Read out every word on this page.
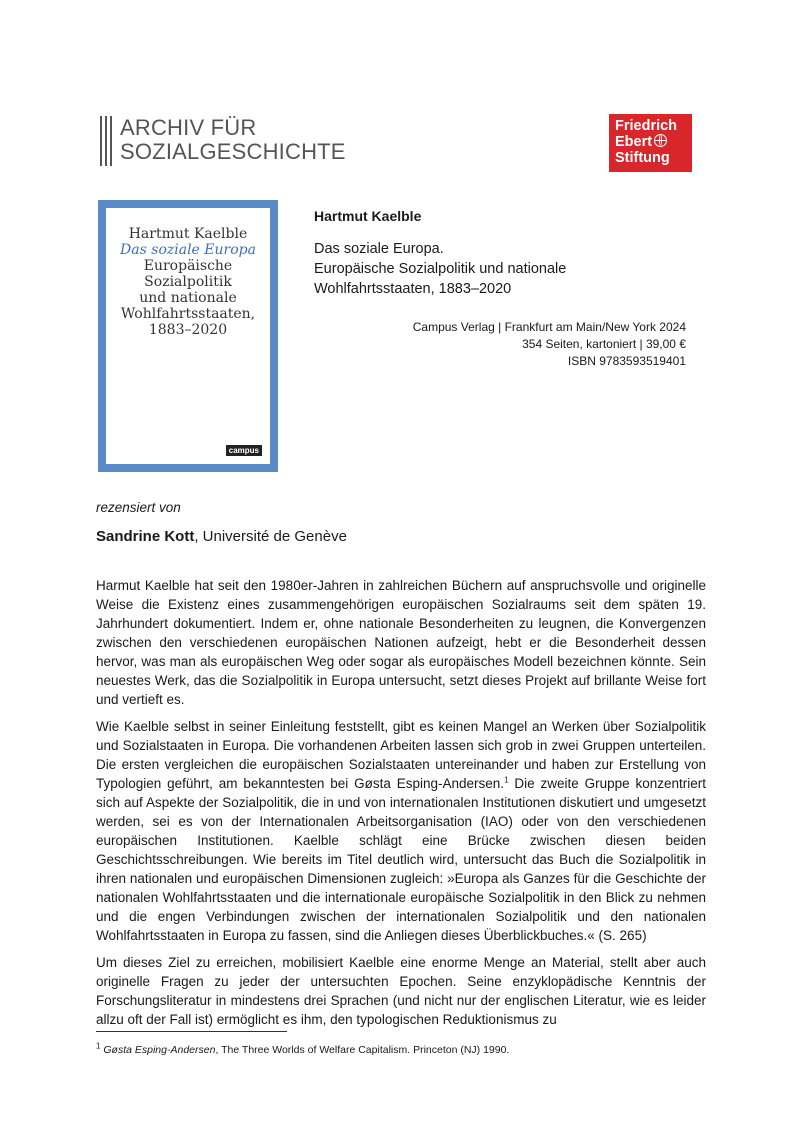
ARCHIV FÜR
SOZIALGESCHICHTE
Friedrich
Ebert
Stiftung
Hartmut Kaelble
Das soziale Europa
Europäische
Sozialpolitik
und nationale
Wohlfahrtsstaaten,
1883–2020
campus

Hartmut Kaelble

Das soziale Europa.

Europäische Sozialpolitik und nationale

Wohlfahrtsstaaten, 1883–2020

Campus Verlag | Frankfurt am Main/New York 2024
354 Seiten, kartoniert | 39,00 €
ISBN 9783593519401
rezensiert von
Sandrine Kott, Université de Genève

Harmut Kaelble hat seit den 1980er-Jahren in zahlreichen Büchern auf anspruchsvolle und originelle Weise die Existenz eines zusammengehörigen europäischen Sozialraums seit dem späten 19. Jahrhundert dokumentiert. Indem er, ohne nationale Besonderheiten zu leugnen, die Konvergenzen zwischen den verschiedenen europäischen Nationen aufzeigt, hebt er die Besonderheit dessen hervor, was man als europäischen Weg oder sogar als europäisches Modell bezeichnen könnte. Sein neuestes Werk, das die Sozialpolitik in Europa untersucht, setzt dieses Projekt auf brillante Weise fort und vertieft es.

Wie Kaelble selbst in seiner Einleitung feststellt, gibt es keinen Mangel an Werken über Sozialpolitik und Sozialstaaten in Europa. Die vorhandenen Arbeiten lassen sich grob in zwei Gruppen unterteilen. Die ersten vergleichen die europäischen Sozialstaaten untereinander und haben zur Erstellung von Typologien geführt, am bekanntesten bei Gøsta Esping-Andersen.$^1$ Die zweite Gruppe konzentriert sich auf Aspekte der Sozialpolitik, die in und von internationalen Institutionen diskutiert und umgesetzt werden, sei es von der Internationalen Arbeitsorganisation (IAO) oder von den verschiedenen europäischen Institutionen. Kaelble schlägt eine Brücke zwischen diesen beiden Geschichtsschreibungen. Wie bereits im Titel deutlich wird, untersucht das Buch die Sozialpolitik in ihren nationalen und europäischen Dimensionen zugleich: »Europa als Ganzes für die Geschichte der nationalen Wohlfahrtsstaaten und die internationale europäische Sozialpolitik in den Blick zu nehmen und die engen Verbindungen zwischen der internationalen Sozialpolitik und den nationalen Wohlfahrtsstaaten in Europa zu fassen, sind die Anliegen dieses Überblickbuches.« (S. 265)

Um dieses Ziel zu erreichen, mobilisiert Kaelble eine enorme Menge an Material, stellt aber auch originelle Fragen zu jeder der untersuchten Epochen. Seine enzyklopädische Kenntnis der Forschungsliteratur in mindestens drei Sprachen (und nicht nur der englischen Literatur, wie es leider allzu oft der Fall ist) ermöglicht es ihm, den typologischen Reduktionismus zu

$^1$ Gøsta Esping-Andersen, The Three Worlds of Welfare Capitalism. Princeton (NJ) 1990.
